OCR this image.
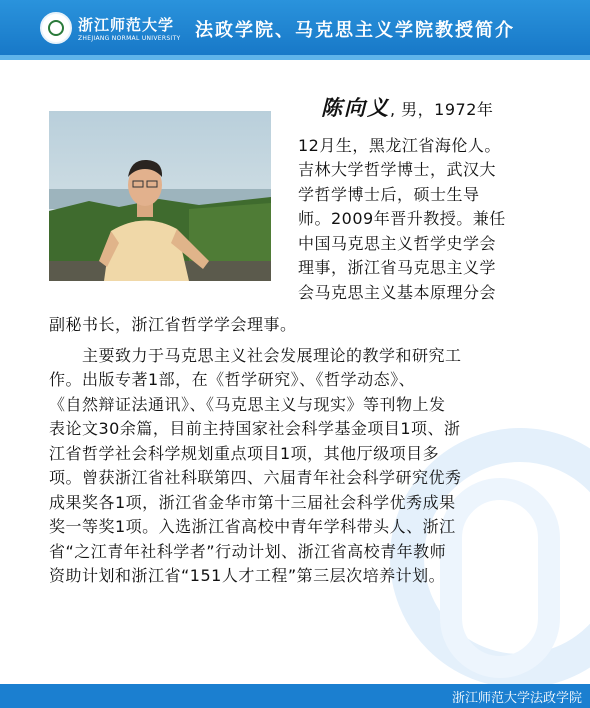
浙江师范大学
ZHEJIANG NORMAL UNIVERSITY 法政学院、马克思主义学院教授简介
陈向义, 男，1972年
12月生，黑龙江省海伦人。
吉林大学哲学博士，武汉大
学哲学博士后，硕士生导
师。2009年晋升教授。兼任
中国马克思主义哲学史学会
理事，浙江省马克思主义学
会马克思主义基本原理分会
副秘书长，浙江省哲学学会理事。
　　主要致力于马克思主义社会发展理论的教学和研究工
作。出版专著1部，在《哲学研究》、《哲学动态》、
《自然辩证法通讯》、《马克思主义与现实》等刊物上发
表论文30余篇，目前主持国家社会科学基金项目1项、浙
江省哲学社会科学规划重点项目1项，其他厅级项目多
项。曾获浙江省社科联第四、六届青年社会科学研究优秀
成果奖各1项，浙江省金华市第十三届社会科学优秀成果
奖一等奖1项。入选浙江省高校中青年学科带头人、浙江
省“之江青年社科学者”行动计划、浙江省高校青年教师
资助计划和浙江省“151人才工程”第三层次培养计划。
浙江师范大学法政学院
